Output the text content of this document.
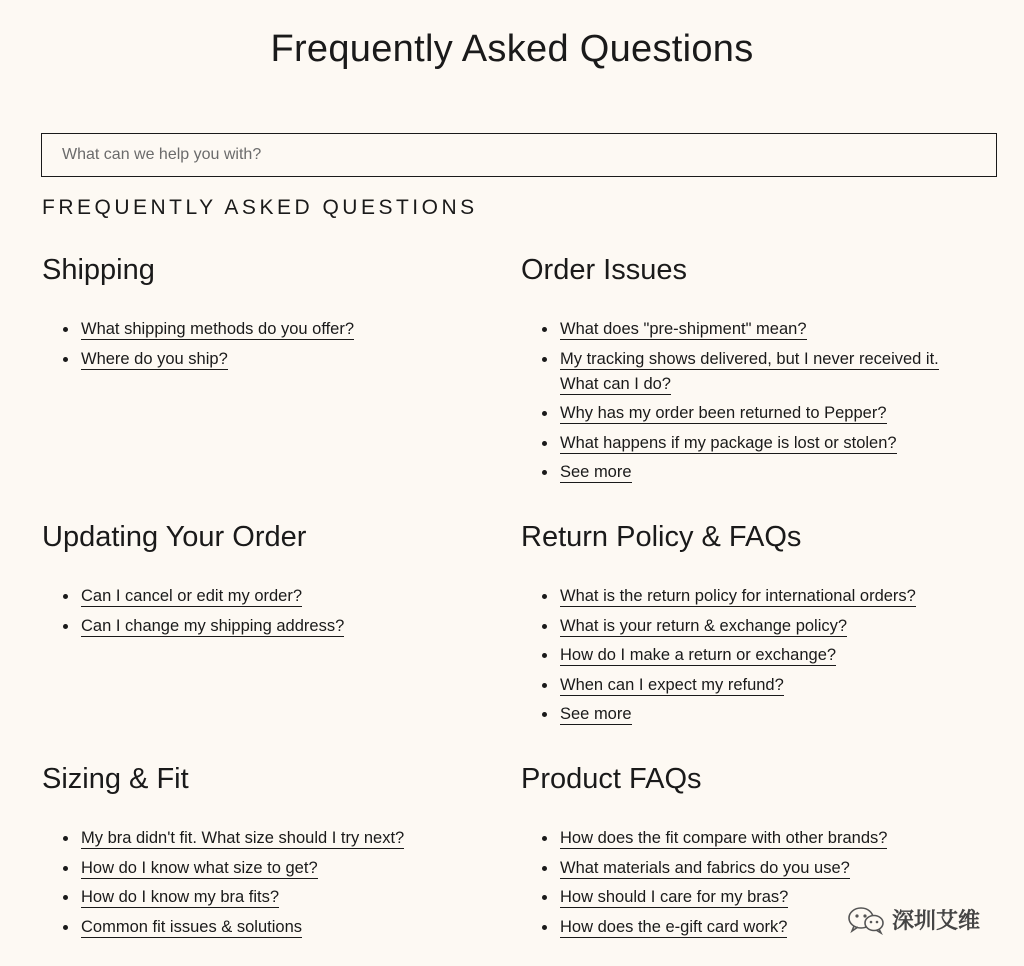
Frequently Asked Questions
What can we help you with?
FREQUENTLY ASKED QUESTIONS
Shipping
What shipping methods do you offer?
Where do you ship?
Order Issues
What does "pre-shipment" mean?
My tracking shows delivered, but I never received it. What can I do?
Why has my order been returned to Pepper?
What happens if my package is lost or stolen?
See more
Updating Your Order
Can I cancel or edit my order?
Can I change my shipping address?
Return Policy & FAQs
What is the return policy for international orders?
What is your return & exchange policy?
How do I make a return or exchange?
When can I expect my refund?
See more
Sizing & Fit
My bra didn't fit. What size should I try next?
How do I know what size to get?
How do I know my bra fits?
Common fit issues & solutions
Product FAQs
How does the fit compare with other brands?
What materials and fabrics do you use?
How should I care for my bras?
How does the e-gift card work?	深圳艾维
